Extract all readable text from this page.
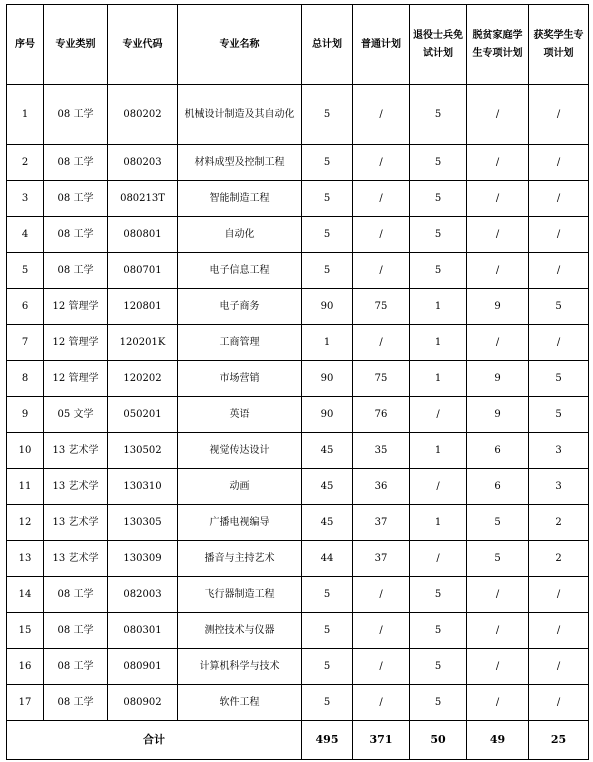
序号	专业类别	专业代码	专业名称	总计划	普通计划	退役士兵免试计划	脱贫家庭学生专项计划	获奖学生专项计划
1	08 工学	080202	机械设计制造及其自动化	5	/	5	/	/
2	08 工学	080203	材料成型及控制工程	5	/	5	/	/
3	08 工学	080213T	智能制造工程	5	/	5	/	/
4	08 工学	080801	自动化	5	/	5	/	/
5	08 工学	080701	电子信息工程	5	/	5	/	/
6	12 管理学	120801	电子商务	90	75	1	9	5
7	12 管理学	120201K	工商管理	1	/	1	/	/
8	12 管理学	120202	市场营销	90	75	1	9	5
9	05 文学	050201	英语	90	76	/	9	5
10	13 艺术学	130502	视觉传达设计	45	35	1	6	3
11	13 艺术学	130310	动画	45	36	/	6	3
12	13 艺术学	130305	广播电视编导	45	37	1	5	2
13	13 艺术学	130309	播音与主持艺术	44	37	/	5	2
14	08 工学	082003	飞行器制造工程	5	/	5	/	/
15	08 工学	080301	测控技术与仪器	5	/	5	/	/
16	08 工学	080901	计算机科学与技术	5	/	5	/	/
17	08 工学	080902	软件工程	5	/	5	/	/
合计				495	371	50	49	25
